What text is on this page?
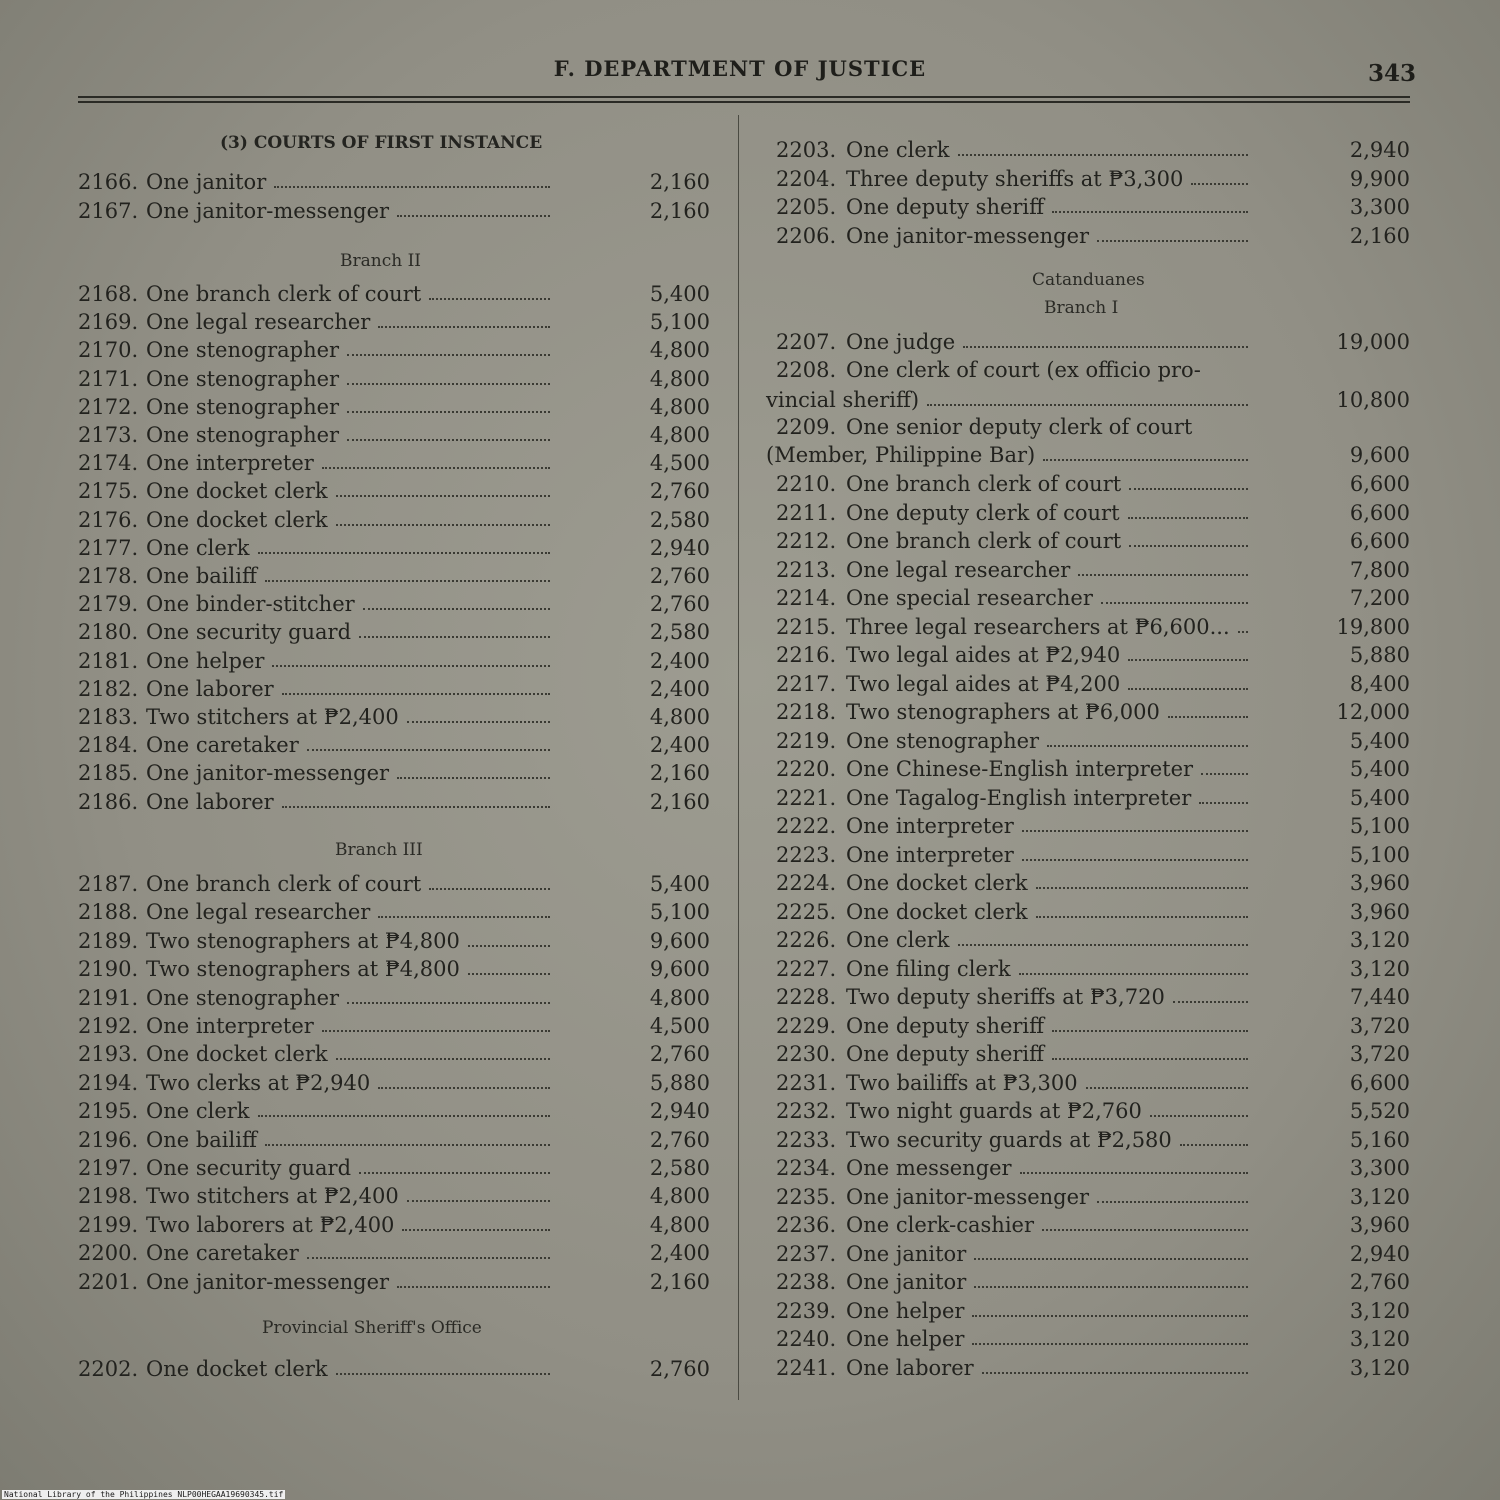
F. DEPARTMENT OF JUSTICE	343
(3) COURTS OF FIRST INSTANCE
2166. One janitor	2,160
2167. One janitor-messenger	2,160
Branch II
2168. One branch clerk of court	5,400
2169. One legal researcher	5,100
2170. One stenographer	4,800
2171. One stenographer	4,800
2172. One stenographer	4,800
2173. One stenographer	4,800
2174. One interpreter	4,500
2175. One docket clerk	2,760
2176. One docket clerk	2,580
2177. One clerk	2,940
2178. One bailiff	2,760
2179. One binder-stitcher	2,760
2180. One security guard	2,580
2181. One helper	2,400
2182. One laborer	2,400
2183. Two stitchers at ₱2,400	4,800
2184. One caretaker	2,400
2185. One janitor-messenger	2,160
2186. One laborer	2,160
Branch III
2187. One branch clerk of court	5,400
2188. One legal researcher	5,100
2189. Two stenographers at ₱4,800	9,600
2190. Two stenographers at ₱4,800	9,600
2191. One stenographer	4,800
2192. One interpreter	4,500
2193. One docket clerk	2,760
2194. Two clerks at ₱2,940	5,880
2195. One clerk	2,940
2196. One bailiff	2,760
2197. One security guard	2,580
2198. Two stitchers at ₱2,400	4,800
2199. Two laborers at ₱2,400	4,800
2200. One caretaker	2,400
2201. One janitor-messenger	2,160
Provincial Sheriff's Office
2202. One docket clerk	2,760
2203. One clerk	2,940
2204. Three deputy sheriffs at ₱3,300	9,900
2205. One deputy sheriff	3,300
2206. One janitor-messenger	2,160
Catanduanes
Branch I
2207. One judge	19,000
2208. One clerk of court (ex officio pro-
vincial sheriff)	10,800
2209. One senior deputy clerk of court
(Member, Philippine Bar)	9,600
2210. One branch clerk of court	6,600
2211. One deputy clerk of court	6,600
2212. One branch clerk of court	6,600
2213. One legal researcher	7,800
2214. One special researcher	7,200
2215. Three legal researchers at ₱6,600...	19,800
2216. Two legal aides at ₱2,940	5,880
2217. Two legal aides at ₱4,200	8,400
2218. Two stenographers at ₱6,000	12,000
2219. One stenographer	5,400
2220. One Chinese-English interpreter	5,400
2221. One Tagalog-English interpreter	5,400
2222. One interpreter	5,100
2223. One interpreter	5,100
2224. One docket clerk	3,960
2225. One docket clerk	3,960
2226. One clerk	3,120
2227. One filing clerk	3,120
2228. Two deputy sheriffs at ₱3,720	7,440
2229. One deputy sheriff	3,720
2230. One deputy sheriff	3,720
2231. Two bailiffs at ₱3,300	6,600
2232. Two night guards at ₱2,760	5,520
2233. Two security guards at ₱2,580	5,160
2234. One messenger	3,300
2235. One janitor-messenger	3,120
2236. One clerk-cashier	3,960
2237. One janitor	2,940
2238. One janitor	2,760
2239. One helper	3,120
2240. One helper	3,120
2241. One laborer	3,120
National Library of the Philippines NLP00HEGAA19690345.tif
